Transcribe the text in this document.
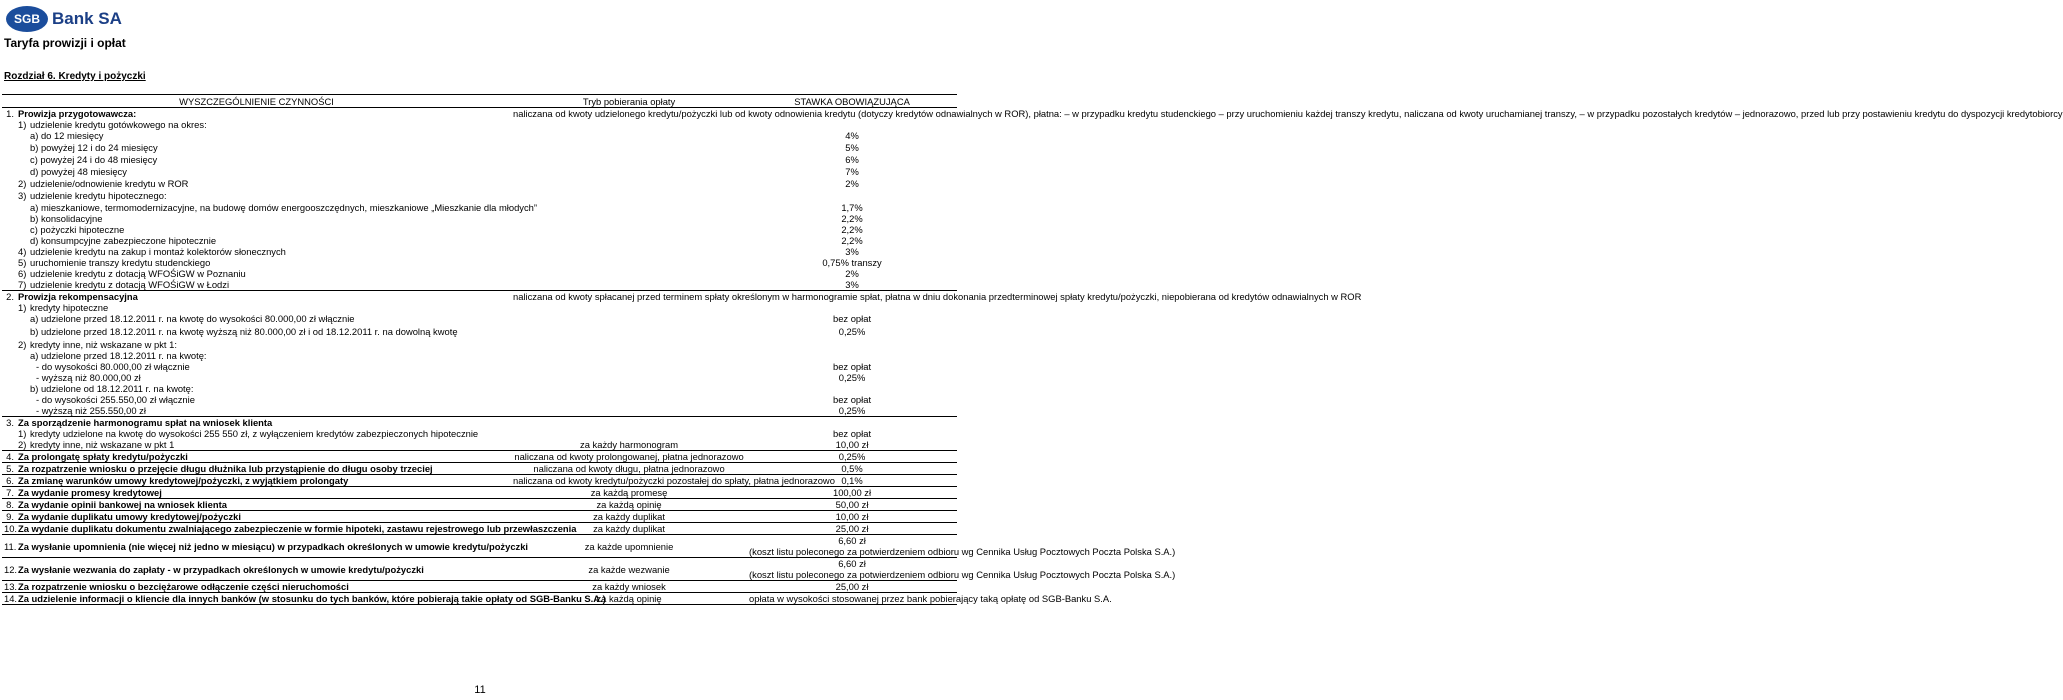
SGB Bank SA
Taryfa prowizji i opłat
Rozdział 6. Kredyty i pożyczki
WYSZCZEGÓLNIENIE CZYNNOŚCI			Tryb pobierania opłaty	STAWKA OBOWIĄZUJĄCA
1.	Prowizja przygotowawcza:		naliczana od kwoty udzielonego kredytu/pożyczki lub od kwoty odnowienia kredytu (dotyczy kredytów odnawialnych w ROR), płatna: – w przypadku kredytu studenckiego – przy uruchomieniu każdej transzy kredytu, naliczana od kwoty uruchamianej transzy, – w przypadku pozostałych kredytów – jednorazowo, przed lub przy postawieniu kredytu do dyspozycji kredytobiorcy	
	1)	udzielenie kredytu gotówkowego na okres:		
		a) do 12 miesięcy		4%
		b) powyżej 12 i do 24 miesięcy		5%
		c) powyżej 24 i do 48 miesięcy		6%
		d) powyżej 48 miesięcy		7%
	2)	udzielenie/odnowienie kredytu w ROR		2%
	3)	udzielenie kredytu hipotecznego:		
		a) mieszkaniowe, termomodernizacyjne, na budowę domów energooszczędnych, mieszkaniowe „Mieszkanie dla młodych”		1,7%
		b) konsolidacyjne		2,2%
		c) pożyczki hipoteczne		2,2%
		d) konsumpcyjne zabezpieczone hipotecznie		2,2%
	4)	udzielenie kredytu na zakup i montaż kolektorów słonecznych		3%
	5)	uruchomienie transzy kredytu studenckiego		0,75% transzy
	6)	udzielenie kredytu z dotacją WFOŚiGW w Poznaniu		2%
	7)	udzielenie kredytu z dotacją WFOŚiGW w Łodzi		3%
2.	Prowizja rekompensacyjna		naliczana od kwoty spłacanej przed terminem spłaty określonym w harmonogramie spłat, płatna w dniu dokonania przedterminowej spłaty kredytu/pożyczki, niepobierana od kredytów odnawialnych w ROR	
	1)	kredyty hipoteczne		
		a) udzielone przed 18.12.2011 r. na kwotę do wysokości 80.000,00 zł włącznie		bez opłat
		b) udzielone przed 18.12.2011 r. na kwotę wyższą niż 80.000,00 zł i od 18.12.2011 r. na dowolną kwotę		0,25%
	2)	kredyty inne, niż wskazane w pkt 1:		
		a) udzielone przed 18.12.2011 r. na kwotę:		
		- do wysokości 80.000,00 zł włącznie		bez opłat
		- wyższą niż 80.000,00 zł		0,25%
		b) udzielone od 18.12.2011 r. na kwotę:		
		- do wysokości 255.550,00 zł włącznie		bez opłat
		- wyższą niż 255.550,00 zł		0,25%
3.	Za sporządzenie harmonogramu spłat na wniosek klienta			
	1)	kredyty udzielone na kwotę do wysokości 255 550 zł, z wyłączeniem kredytów zabezpieczonych hipotecznie		bez opłat
	2)	kredyty inne, niż wskazane w pkt 1	za każdy harmonogram	10,00 zł
4.	Za prolongatę spłaty kredytu/pożyczki		naliczana od kwoty prolongowanej, płatna jednorazowo	0,25%
5.	Za rozpatrzenie wniosku o przejęcie długu dłużnika lub przystąpienie do długu osoby trzeciej		naliczana od kwoty długu, płatna jednorazowo	0,5%
6.	Za zmianę warunków umowy kredytowej/pożyczki, z wyjątkiem prolongaty		naliczana od kwoty kredytu/pożyczki pozostałej do spłaty, płatna jednorazowo	0,1%
7.	Za wydanie promesy kredytowej		za każdą promesę	100,00 zł
8.	Za wydanie opinii bankowej na wniosek klienta		za każdą opinię	50,00 zł
9.	Za wydanie duplikatu umowy kredytowej/pożyczki		za każdy duplikat	10,00 zł
10.	Za wydanie duplikatu dokumentu zwalniającego zabezpieczenie w formie hipoteki, zastawu rejestrowego lub przewłaszczenia		za każdy duplikat	25,00 zł
11.	Za wysłanie upomnienia (nie więcej niż jedno w miesiącu) w przypadkach określonych w umowie kredytu/pożyczki		za każde upomnienie	6,60 zł
(koszt listu poleconego za potwierdzeniem odbioru wg Cennika Usług Pocztowych Poczta Polska S.A.)

12.	Za wysłanie wezwania do zapłaty - w przypadkach określonych w umowie kredytu/pożyczki		za każde wezwanie	6,60 zł
(koszt listu poleconego za potwierdzeniem odbioru wg Cennika Usług Pocztowych Poczta Polska S.A.)

13.	Za rozpatrzenie wniosku o bezciężarowe odłączenie części nieruchomości		za każdy wniosek	25,00 zł
14.	Za udzielenie informacji o kliencie dla innych banków (w stosunku do tych banków, które pobierają takie opłaty od SGB-Banku S.A.)		za każdą opinię	opłata w wysokości stosowanej przez bank pobierający taką opłatę od SGB-Banku S.A.
11
